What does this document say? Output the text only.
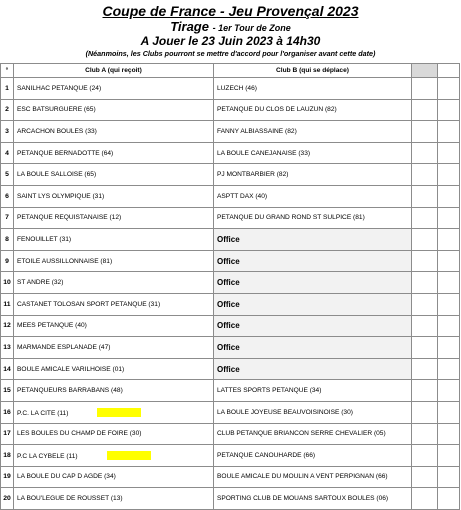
Coupe de France - Jeu Provençal 2023
Tirage - 1er Tour de Zone
A Jouer le 23 Juin 2023 à 14h30
(Néanmoins, les Clubs pourront se mettre d'accord pour l'organiser avant cette date)
°	Club A (qui reçoit)	Club B (qui se déplace)		
1	SANILHAC PETANQUE (24)	LUZECH (46)		
2	ESC BATSURGUERE (65)	PETANQUE DU CLOS DE LAUZUN (82)		
3	ARCACHON BOULES (33)	FANNY ALBIASSAINE (82)		
4	PETANQUE BERNADOTTE (64)	LA BOULE CANEJANAISE (33)		
5	LA BOULE SALLOISE (65)	PJ MONTBARBIER (82)		
6	SAINT LYS OLYMPIQUE (31)	ASPTT DAX (40)		
7	PETANQUE REQUISTANAISE (12)	PETANQUE DU GRAND ROND ST SULPICE (81)		
8	FENOUILLET (31)	Office		
9	ETOILE AUSSILLONNAISE (81)	Office		
10	ST ANDRE (32)	Office		
11	CASTANET TOLOSAN SPORT PETANQUE (31)	Office		
12	MEES PETANQUE (40)	Office		
13	MARMANDE ESPLANADE (47)	Office		
14	BOULE AMICALE VARILHOISE (01)	Office		
15	PETANQUEURS BARRABANS (48)	LATTES SPORTS PETANQUE (34)		
16	P.C. LA CITE (11)	LA BOULE JOYEUSE BEAUVOISINOISE (30)		
17	LES BOULES DU CHAMP DE FOIRE (30)	CLUB PETANQUE BRIANCON SERRE CHEVALIER (05)		
18	P.C LA CYBELE (11)	PETANQUE CANOUHARDE (66)		
19	LA BOULE DU CAP D AGDE (34)	BOULE AMICALE DU MOULIN A VENT PERPIGNAN (66)		
20	LA BOU'LEGUE DE ROUSSET (13)	SPORTING CLUB DE MOUANS SARTOUX BOULES (06)		
